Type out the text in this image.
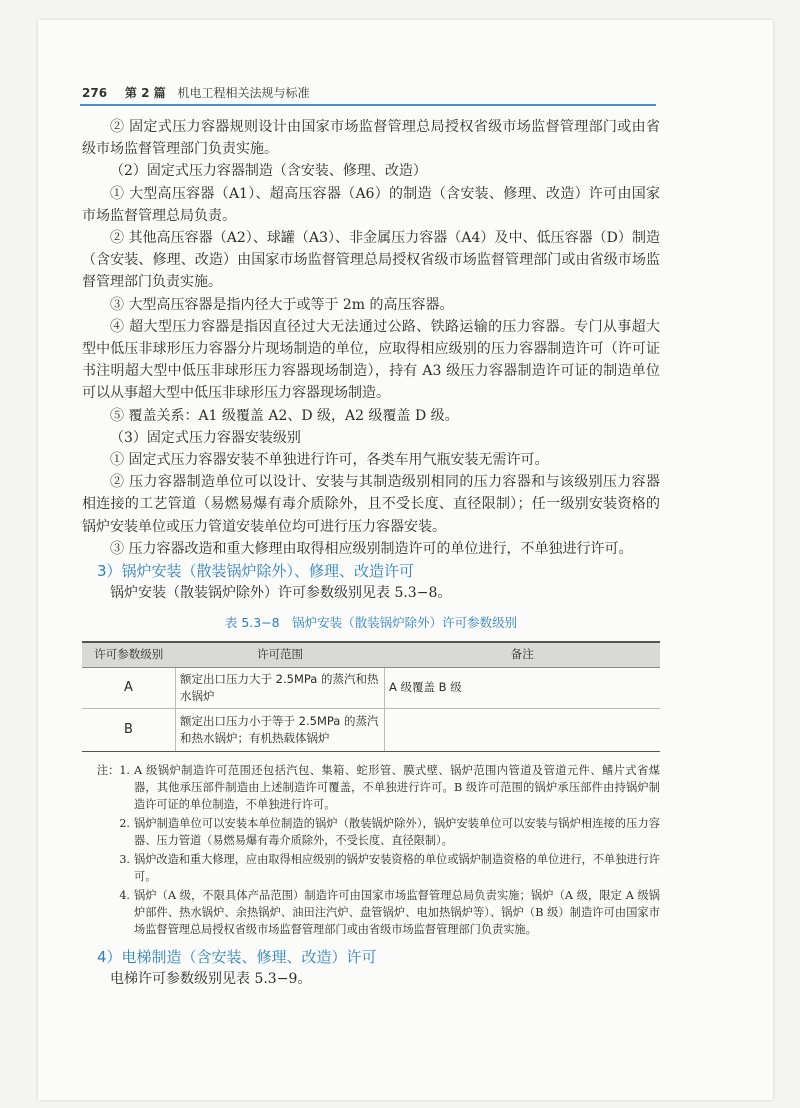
276 第 2 篇 机电工程相关法规与标准

② 固定式压力容器规则设计由国家市场监督管理总局授权省级市场监督管理部门或由省级市场监督管理部门负责实施。

（2）固定式压力容器制造（含安装、修理、改造）

① 大型高压容器（A1）、超高压容器（A6）的制造（含安装、修理、改造）许可由国家市场监督管理总局负责。

② 其他高压容器（A2）、球罐（A3）、非金属压力容器（A4）及中、低压容器（D）制造（含安装、修理、改造）由国家市场监督管理总局授权省级市场监督管理部门或由省级市场监督管理部门负责实施。

③ 大型高压容器是指内径大于或等于 2m 的高压容器。

④ 超大型压力容器是指因直径过大无法通过公路、铁路运输的压力容器。专门从事超大型中低压非球形压力容器分片现场制造的单位，应取得相应级别的压力容器制造许可（许可证书注明超大型中低压非球形压力容器现场制造），持有 A3 级压力容器制造许可证的制造单位可以从事超大型中低压非球形压力容器现场制造。

⑤ 覆盖关系：A1 级覆盖 A2、D 级，A2 级覆盖 D 级。

（3）固定式压力容器安装级别

① 固定式压力容器安装不单独进行许可，各类车用气瓶安装无需许可。

② 压力容器制造单位可以设计、安装与其制造级别相同的压力容器和与该级别压力容器相连接的工艺管道（易燃易爆有毒介质除外，且不受长度、直径限制）；任一级别安装资格的锅炉安装单位或压力管道安装单位均可进行压力容器安装。

③ 压力容器改造和重大修理由取得相应级别制造许可的单位进行，不单独进行许可。

3）锅炉安装（散装锅炉除外）、修理、改造许可

锅炉安装（散装锅炉除外）许可参数级别见表 5.3−8。

表 5.3−8　锅炉安装（散装锅炉除外）许可参数级别
许可参数级别	许可范围	备注
A	额定出口压力大于 2.5MPa 的蒸汽和热水锅炉	A 级覆盖 B 级
B	额定出口压力小于等于 2.5MPa 的蒸汽和热水锅炉；有机热载体锅炉	
注：1. A 级锅炉制造许可范围还包括汽包、集箱、蛇形管、膜式壁、锅炉范围内管道及管道元件、鳍片式省煤器，其他承压部件制造由上述制造许可覆盖，不单独进行许可。B 级许可范围的锅炉承压部件由持锅炉制造许可证的单位制造，不单独进行许可。
2. 锅炉制造单位可以安装本单位制造的锅炉（散装锅炉除外），锅炉安装单位可以安装与锅炉相连接的压力容器、压力管道（易燃易爆有毒介质除外，不受长度、直径限制）。
3. 锅炉改造和重大修理，应由取得相应级别的锅炉安装资格的单位或锅炉制造资格的单位进行，不单独进行许可。
4. 锅炉（A 级，不限具体产品范围）制造许可由国家市场监督管理总局负责实施；锅炉（A 级，限定 A 级锅炉部件、热水锅炉、余热锅炉、油田注汽炉、盘管锅炉、电加热锅炉等）、锅炉（B 级）制造许可由国家市场监督管理总局授权省级市场监督管理部门或由省级市场监督管理部门负责实施。

4）电梯制造（含安装、修理、改造）许可

电梯许可参数级别见表 5.3−9。
